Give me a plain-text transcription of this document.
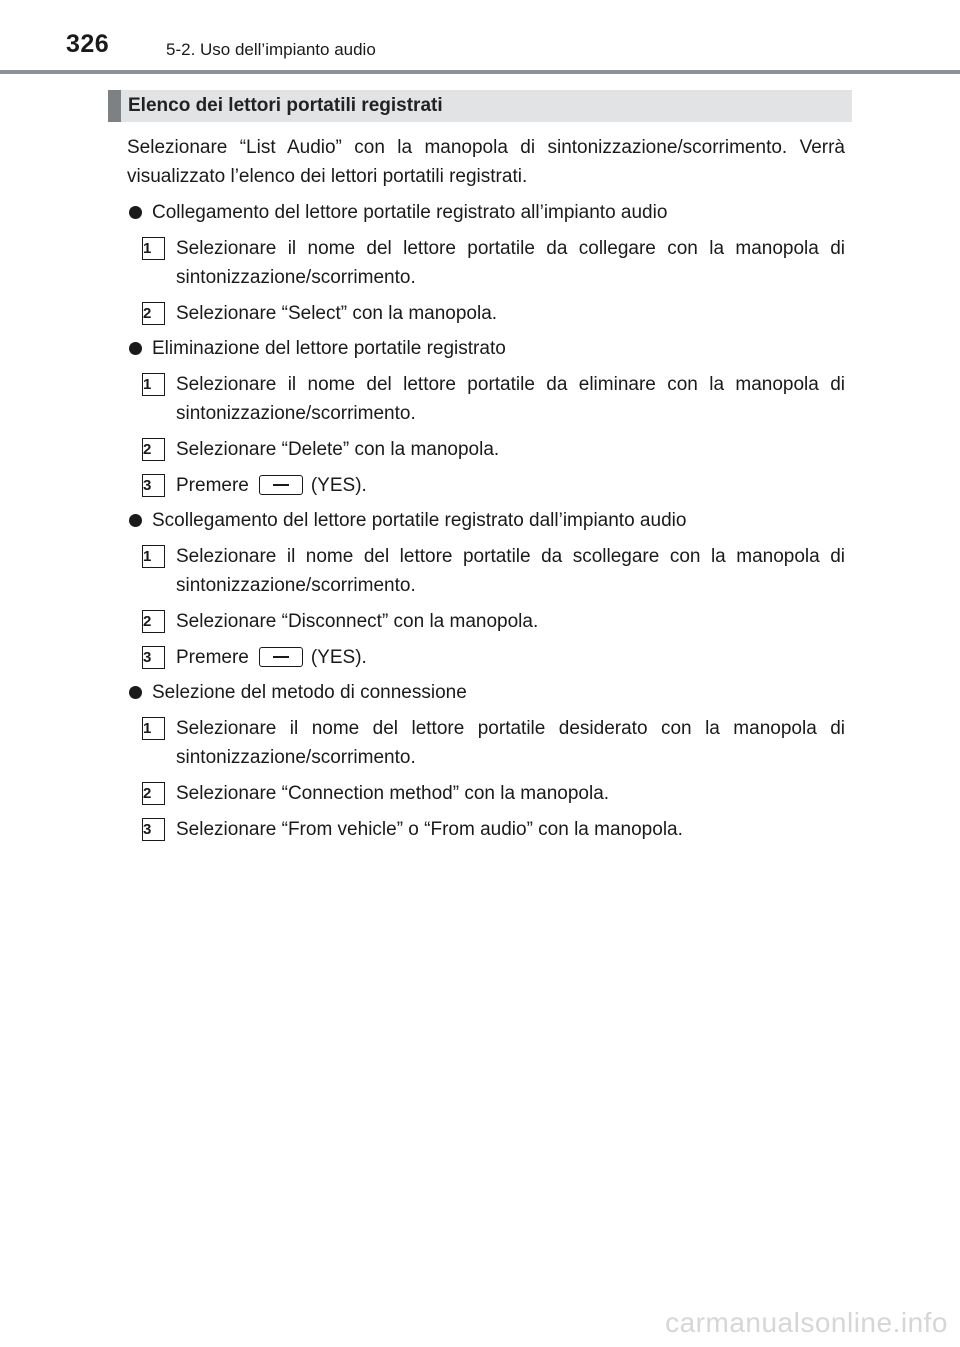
326	5-2. Uso dell’impianto audio
Elenco dei lettori portatili registrati

Selezionare “List Audio” con la manopola di sintonizzazione/scorrimento. Verrà visualizzato l’elenco dei lettori portatili registrati.

Collegamento del lettore portatile registrato all’impianto audio
1	Selezionare il nome del lettore portatile da collegare con la manopola di sintonizzazione/scorrimento.
2	Selezionare “Select” con la manopola.
Eliminazione del lettore portatile registrato
1	Selezionare il nome del lettore portatile da eliminare con la manopola di sintonizzazione/scorrimento.
2	Selezionare “Delete” con la manopola.
3	Premere	(YES).
Scollegamento del lettore portatile registrato dall’impianto audio
1	Selezionare il nome del lettore portatile da scollegare con la manopola di sintonizzazione/scorrimento.
2	Selezionare “Disconnect” con la manopola.
3	Premere	(YES).
Selezione del metodo di connessione
1	Selezionare il nome del lettore portatile desiderato con la manopola di sintonizzazione/scorrimento.
2	Selezionare “Connection method” con la manopola.
3	Selezionare “From vehicle” o “From audio” con la manopola.
carmanualsonline.info
